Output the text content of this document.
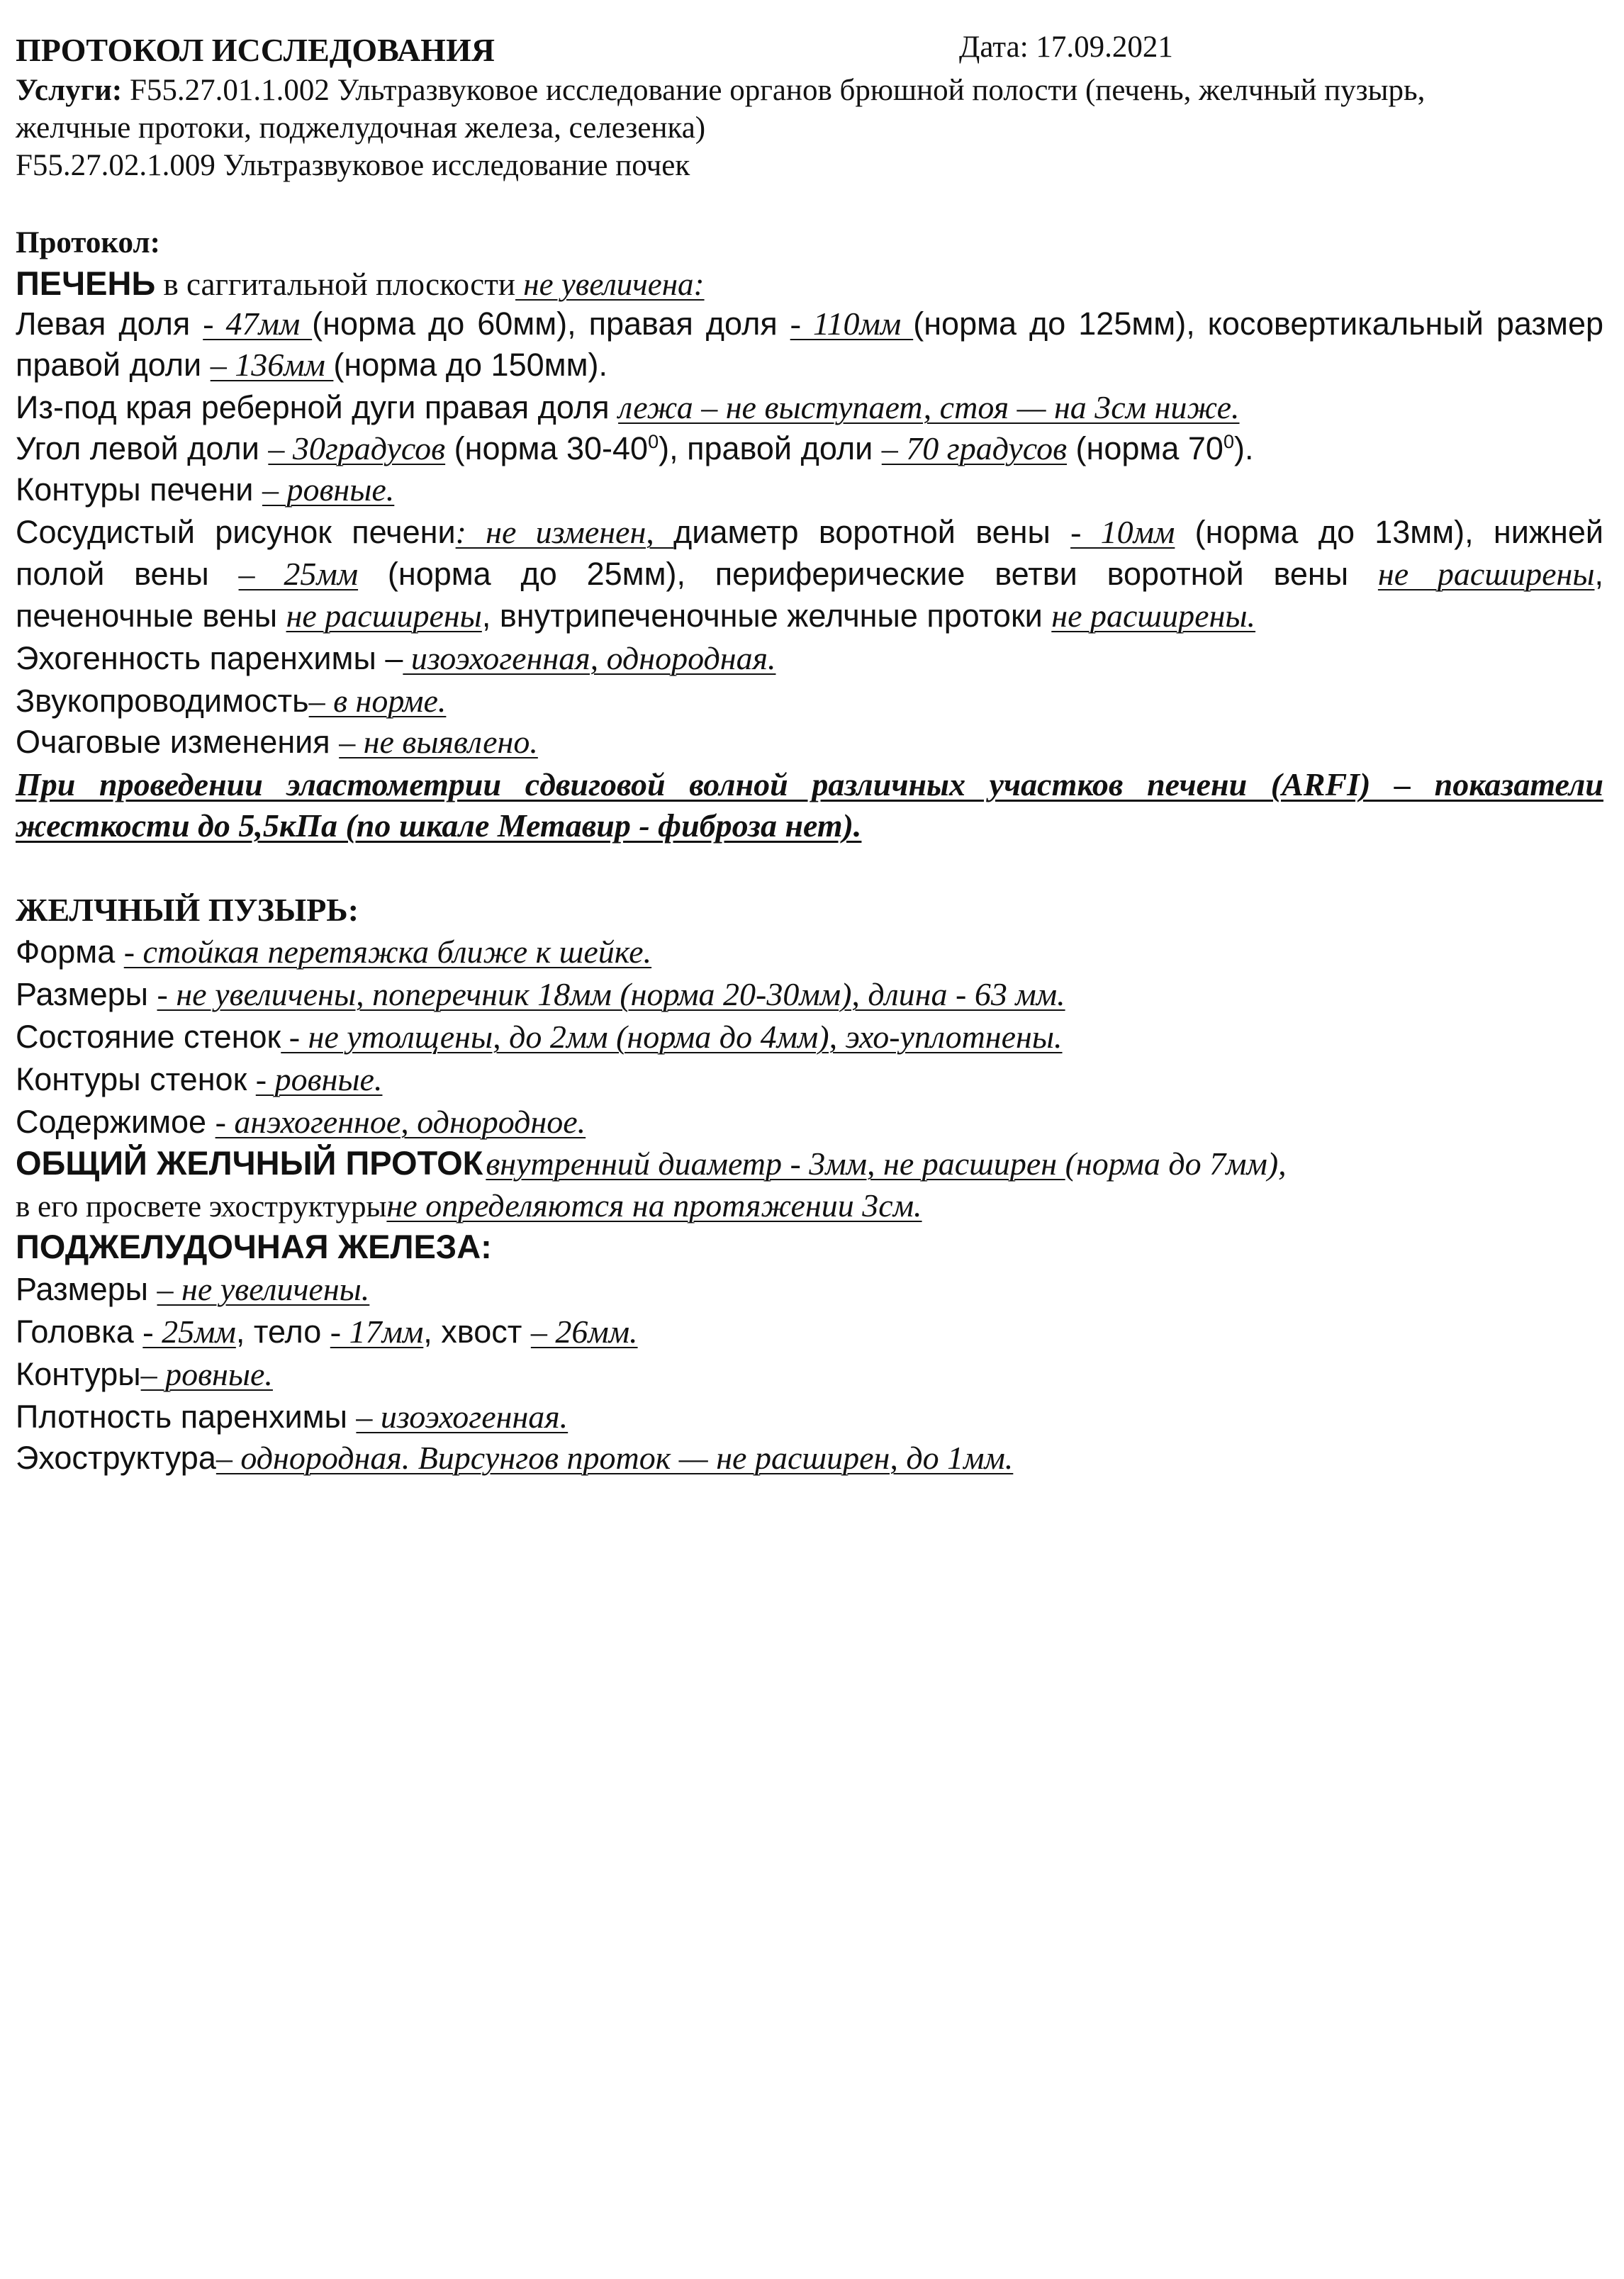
ПРОТОКОЛ ИССЛЕДОВАНИЯ	Дата: 17.09.2021
Услуги: F55.27.01.1.002 Ультразвуковое исследование органов брюшной полости (печень, желчный пузырь,
желчные протоки, поджелудочная железа, селезенка)
F55.27.02.1.009 Ультразвуковое исследование почек
Протокол:
ПЕЧЕНЬ в саггитальной плоскости не увеличена:
Левая доля - 47мм (норма до 60мм), правая доля - 110мм (норма до 125мм), косовертикальный размер
правой доли – 136мм (норма до 150мм).
Из-под края реберной дуги правая доля лежа – не выступает, стоя — на 3см ниже.
Угол левой доли – 30градусов (норма $30-40^0$), правой доли – 70 градусов (норма $70^0$).
Контуры печени – ровные.
Сосудистый рисунок печени: не изменен, диаметр воротной вены - 10мм (норма до 13мм), нижней
полой вены – 25мм (норма до 25мм), периферические ветви воротной вены не расширены,
печеночные вены не расширены, внутрипеченочные желчные протоки не расширены.
Эхогенность паренхимы – изоэхогенная, однородная.
Звукопроводимость– в норме.
Очаговые изменения – не выявлено.
При проведении эластометрии сдвиговой волной различных участков печени (ARFI) – показатели
жесткости до 5,5кПа (по шкале Метавир - фиброза нет).
ЖЕЛЧНЫЙ ПУЗЫРЬ:
Форма - стойкая перетяжка ближе к шейке.
Размеры - не увеличены, поперечник 18мм (норма 20-30мм), длина - 63 мм.
Состояние стенок - не утолщены, до 2мм (норма до 4мм), эхо-уплотнены.
Контуры стенок - ровные.
Содержимое - анэхогенное, однородное.
ОБЩИЙ ЖЕЛЧНЫЙ ПРОТОК внутренний диаметр - 3мм, не расширен (норма до 7мм),
в его просвете эхоструктурыне определяются на протяжении 3см.
ПОДЖЕЛУДОЧНАЯ ЖЕЛЕЗА:
Размеры – не увеличены.
Головка - 25мм, тело - 17мм, хвост – 26мм.
Контуры– ровные.
Плотность паренхимы – изоэхогенная.
Эхоструктура– однородная. Вирсунгов проток — не расширен, до 1мм.
